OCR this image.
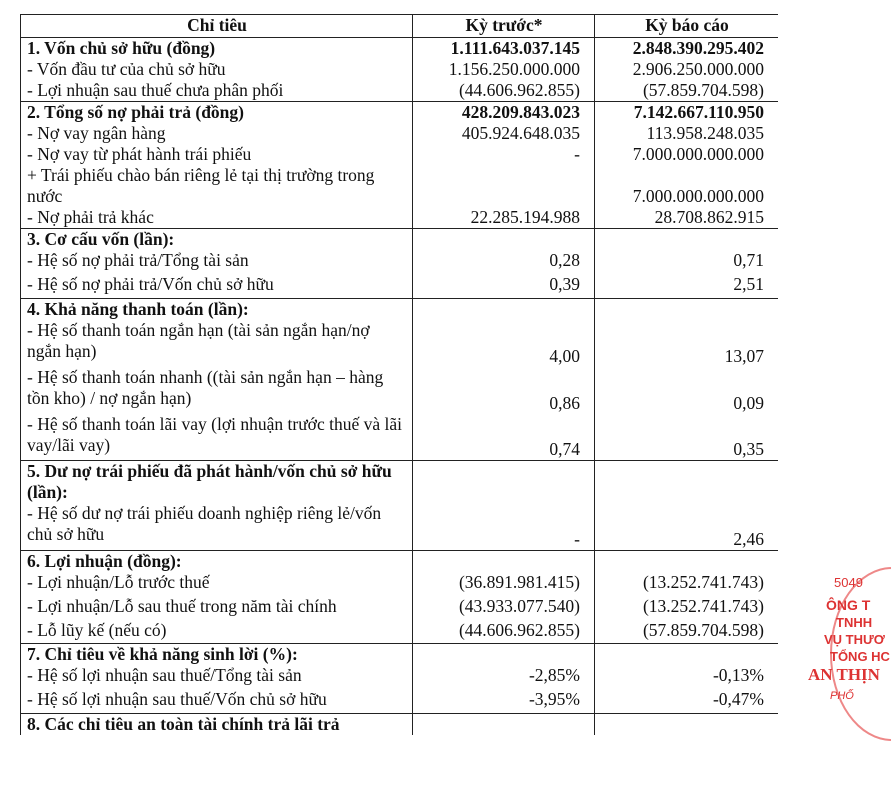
Chỉ tiêu	Kỳ trước*	Kỳ báo cáo
1. Vốn chủ sở hữu (đồng)	1.111.643.037.145	2.848.390.295.402
- Vốn đầu tư của chủ sở hữu	1.156.250.000.000	2.906.250.000.000
- Lợi nhuận sau thuế chưa phân phối	(44.606.962.855)	(57.859.704.598)
2. Tổng số nợ phải trả (đồng)	428.209.843.023	7.142.667.110.950
- Nợ vay ngân hàng	405.924.648.035	113.958.248.035
- Nợ vay từ phát hành trái phiếu	-	7.000.000.000.000
+ Trái phiếu chào bán riêng lẻ tại thị trường trong nước		7.000.000.000.000
- Nợ phải trả khác	22.285.194.988	28.708.862.915
3. Cơ cấu vốn (lần):		
- Hệ số nợ phải trả/Tổng tài sản	0,28	0,71
- Hệ số nợ phải trả/Vốn chủ sở hữu	0,39	2,51
4. Khả năng thanh toán (lần):		
- Hệ số thanh toán ngắn hạn (tài sản ngắn hạn/nợ ngắn hạn)	4,00	13,07
- Hệ số thanh toán nhanh ((tài sản ngắn hạn – hàng tồn kho) / nợ ngắn hạn)	0,86	0,09
- Hệ số thanh toán lãi vay (lợi nhuận trước thuế và lãi vay/lãi vay)	0,74	0,35
5. Dư nợ trái phiếu đã phát hành/vốn chủ sở hữu (lần):		
- Hệ số dư nợ trái phiếu doanh nghiệp riêng lẻ/vốn chủ sở hữu	-	2,46
6. Lợi nhuận (đồng):		
- Lợi nhuận/Lỗ trước thuế	(36.891.981.415)	(13.252.741.743)
- Lợi nhuận/Lỗ sau thuế trong năm tài chính	(43.933.077.540)	(13.252.741.743)
- Lỗ lũy kế (nếu có)	(44.606.962.855)	(57.859.704.598)
7. Chỉ tiêu về khả năng sinh lời (%):		
- Hệ số lợi nhuận sau thuế/Tổng tài sản	-2,85%	-0,13%
- Hệ số lợi nhuận sau thuế/Vốn chủ sở hữu	-3,95%	-0,47%
8. Các chỉ tiêu an toàn tài chính trả lãi trả		
5049
ÔNG T
TNHH
VỤ THƯƠ
TỔNG HC
AN THỊN
PHỐ
